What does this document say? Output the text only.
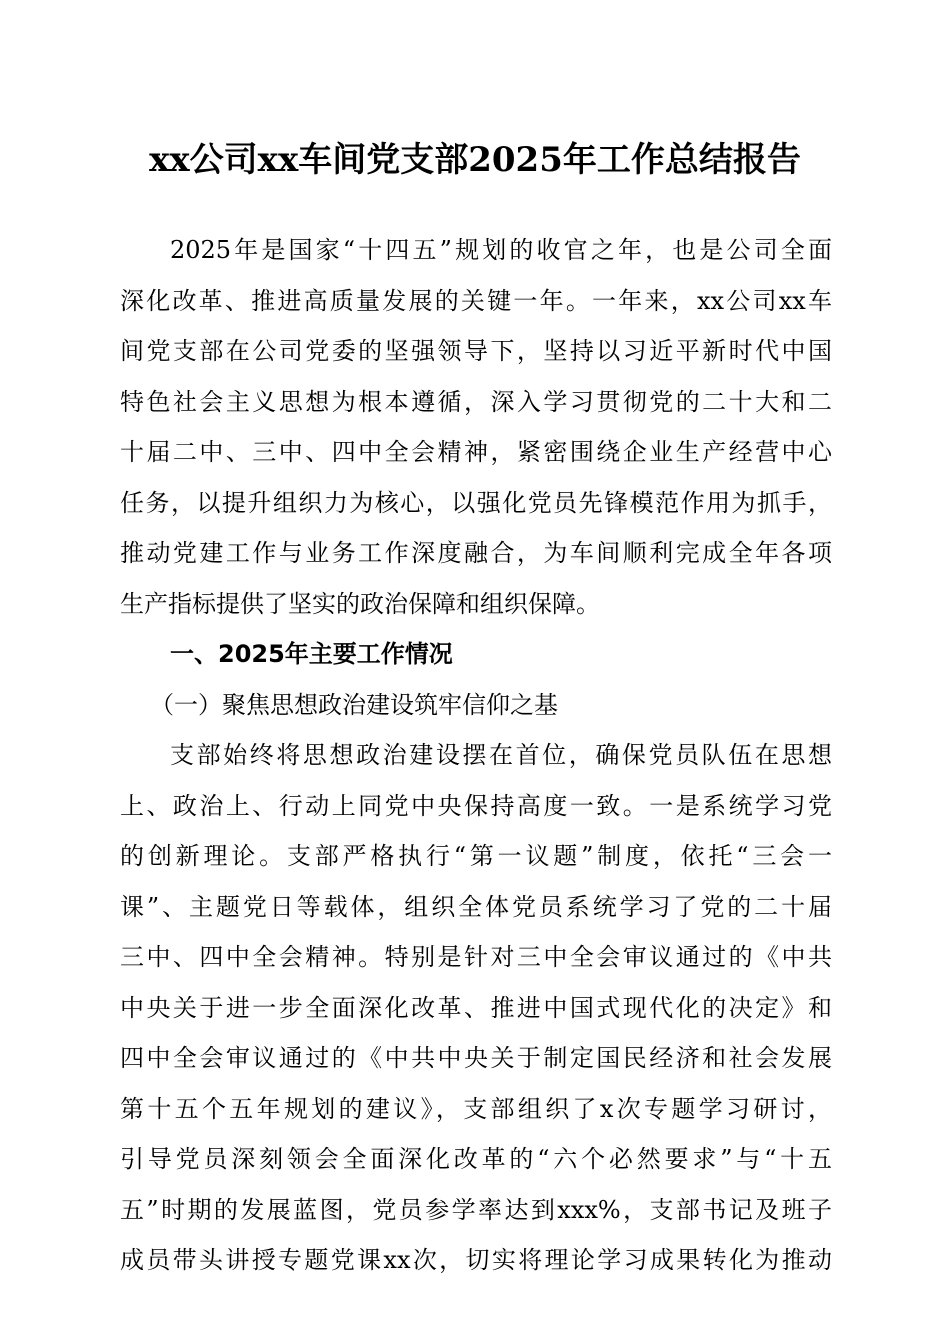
xx公司xx车间党支部2025年工作总结报告
2025年是国家“十四五”规划的收官之年，也是公司全面
深化改革、推进高质量发展的关键一年。一年来，xx公司xx车
间党支部在公司党委的坚强领导下，坚持以习近平新时代中国
特色社会主义思想为根本遵循，深入学习贯彻党的二十大和二
十届二中、三中、四中全会精神，紧密围绕企业生产经营中心
任务，以提升组织力为核心，以强化党员先锋模范作用为抓手，
推动党建工作与业务工作深度融合，为车间顺利完成全年各项
生产指标提供了坚实的政治保障和组织保障。
一、2025年主要工作情况
（一）聚焦思想政治建设筑牢信仰之基
支部始终将思想政治建设摆在首位，确保党员队伍在思想
上、政治上、行动上同党中央保持高度一致。一是系统学习党
的创新理论。支部严格执行“第一议题”制度，依托“三会一
课”、主题党日等载体，组织全体党员系统学习了党的二十届
三中、四中全会精神。特别是针对三中全会审议通过的《中共
中央关于进一步全面深化改革、推进中国式现代化的决定》和
四中全会审议通过的《中共中央关于制定国民经济和社会发展
第十五个五年规划的建议》，支部组织了x次专题学习研讨，
引导党员深刻领会全面深化改革的“六个必然要求”与“十五
五”时期的发展蓝图，党员参学率达到xxx%，支部书记及班子
成员带头讲授专题党课xx次，切实将理论学习成果转化为推动
